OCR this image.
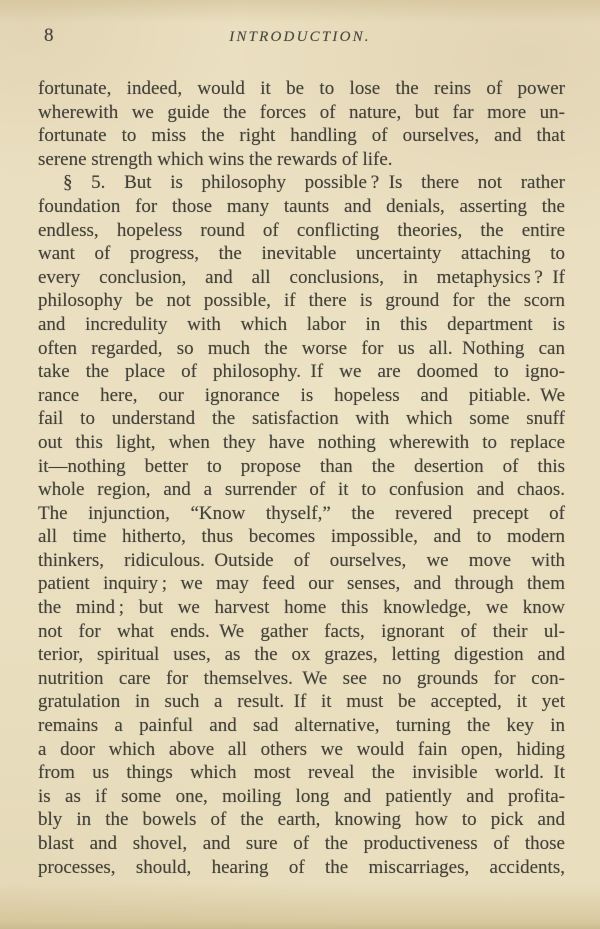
8	INTRODUCTION.
fortunate, indeed, would it be to lose the reins of power
wherewith we guide the forces of nature, but far more un-
fortunate to miss the right handling of ourselves, and that
serene strength which wins the rewards of life.
§ 5. But is philosophy possible ? Is there not rather
foundation for those many taunts and denials, asserting the
endless, hopeless round of conflicting theories, the entire
want of progress, the inevitable uncertainty attaching to
every conclusion, and all conclusions, in metaphysics ? If
philosophy be not possible, if there is ground for the scorn
and incredulity with which labor in this department is
often regarded, so much the worse for us all. Nothing can
take the place of philosophy. If we are doomed to igno-
rance here, our ignorance is hopeless and pitiable. We
fail to understand the satisfaction with which some snuff
out this light, when they have nothing wherewith to replace
it—nothing better to propose than the desertion of this
whole region, and a surrender of it to confusion and chaos.
The injunction, “Know thyself,” the revered precept of
all time hitherto, thus becomes impossible, and to modern
thinkers, ridiculous. Outside of ourselves, we move with
patient inquiry ; we may feed our senses, and through them
the mind ; but we harvest home this knowledge, we know
not for what ends. We gather facts, ignorant of their ul-
terior, spiritual uses, as the ox grazes, letting digestion and
nutrition care for themselves. We see no grounds for con-
gratulation in such a result. If it must be accepted, it yet
remains a painful and sad alternative, turning the key in
a door which above all others we would fain open, hiding
from us things which most reveal the invisible world. It
is as if some one, moiling long and patiently and profita-
bly in the bowels of the earth, knowing how to pick and
blast and shovel, and sure of the productiveness of those
processes, should, hearing of the miscarriages, accidents,
